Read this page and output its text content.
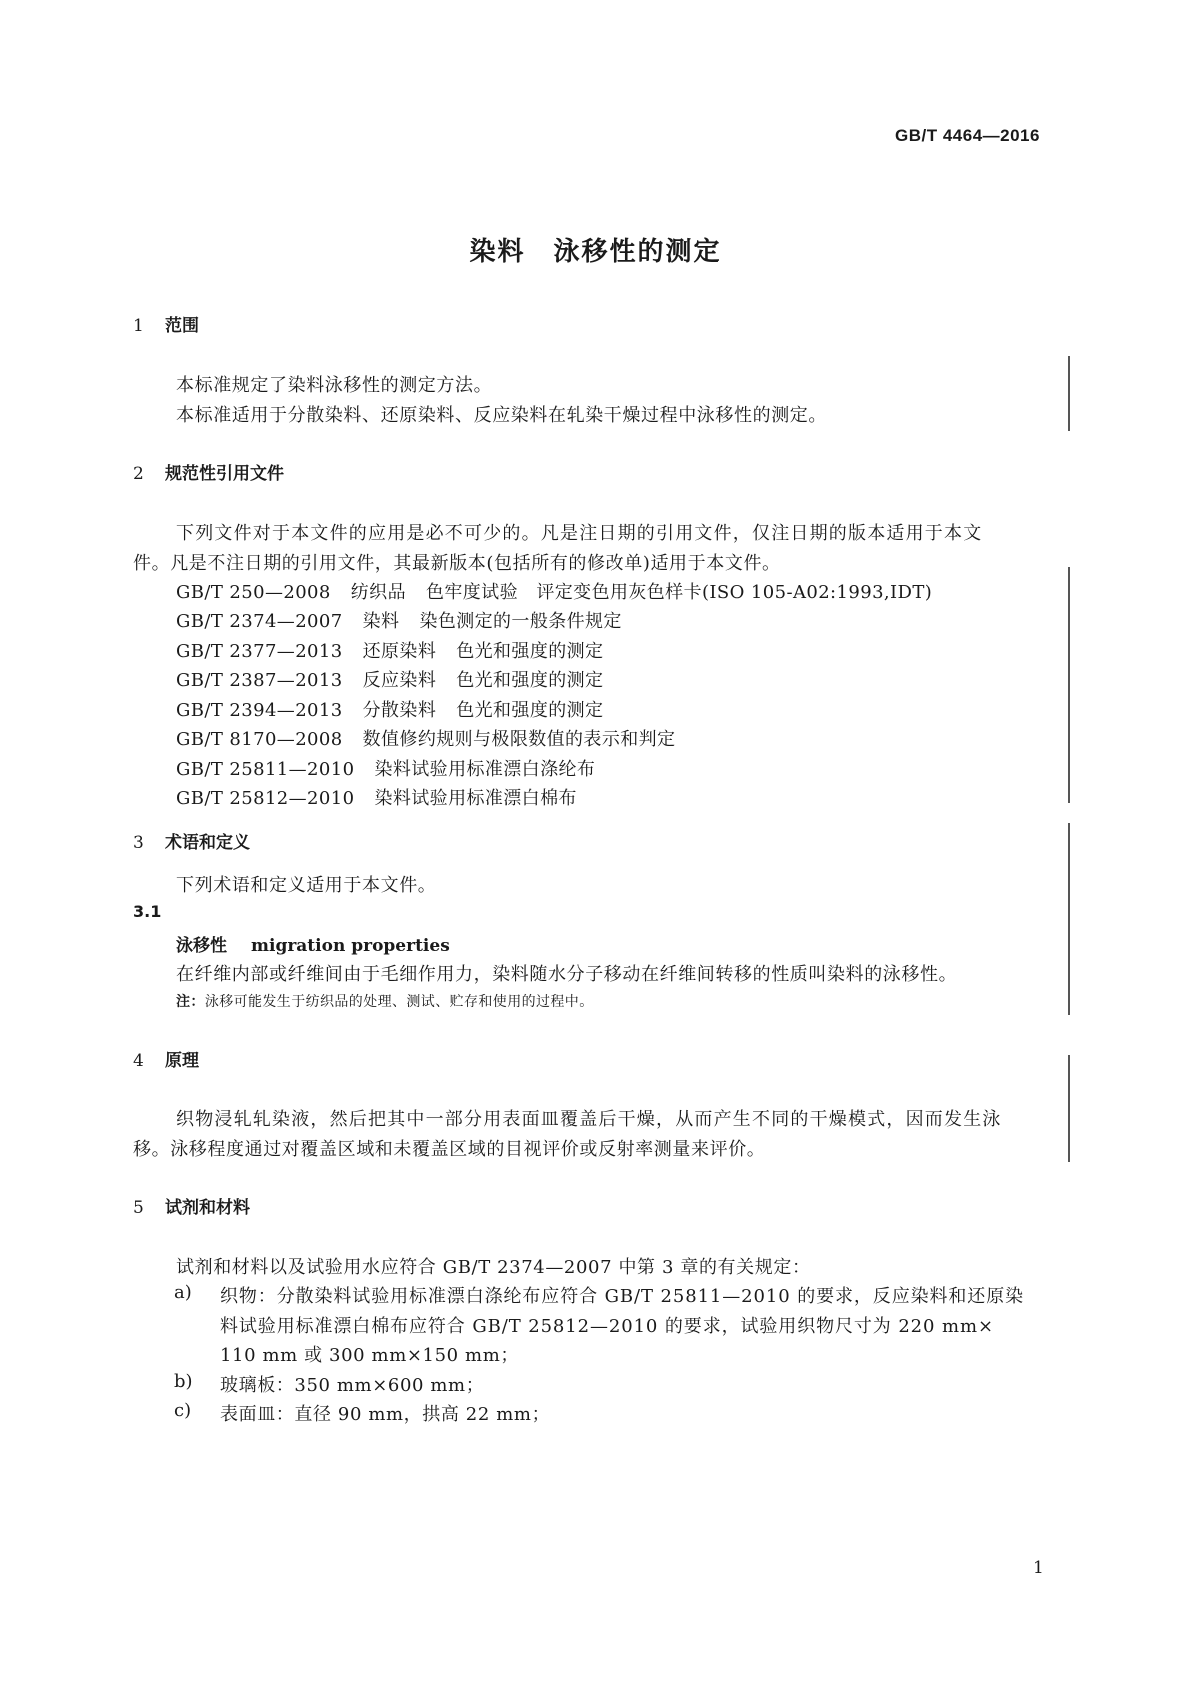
GB/T 4464—2016
染料 泳移性的测定
1 范围
本标准规定了染料泳移性的测定方法。
本标准适用于分散染料、还原染料、反应染料在轧染干燥过程中泳移性的测定。
2 规范性引用文件
下列文件对于本文件的应用是必不可少的。凡是注日期的引用文件，仅注日期的版本适用于本文
件。凡是不注日期的引用文件，其最新版本(包括所有的修改单)适用于本文件。
GB/T 250—2008 纺织品 色牢度试验　评定变色用灰色样卡(ISO 105-A02:1993,IDT)
GB/T 2374—2007 染料 染色测定的一般条件规定
GB/T 2377—2013 还原染料 色光和强度的测定
GB/T 2387—2013 反应染料 色光和强度的测定
GB/T 2394—2013 分散染料 色光和强度的测定
GB/T 8170—2008 数值修约规则与极限数值的表示和判定
GB/T 25811—2010 染料试验用标准漂白涤纶布
GB/T 25812—2010 染料试验用标准漂白棉布
3 术语和定义
下列术语和定义适用于本文件。
3.1
泳移性 migration properties
在纤维内部或纤维间由于毛细作用力，染料随水分子移动在纤维间转移的性质叫染料的泳移性。
注：泳移可能发生于纺织品的处理、测试、贮存和使用的过程中。
4 原理
织物浸轧轧染液，然后把其中一部分用表面皿覆盖后干燥，从而产生不同的干燥模式，因而发生泳
移。泳移程度通过对覆盖区域和未覆盖区域的目视评价或反射率测量来评价。
5 试剂和材料
试剂和材料以及试验用水应符合 GB/T 2374—2007 中第 3 章的有关规定：
a) 织物：分散染料试验用标准漂白涤纶布应符合 GB/T 25811—2010 的要求，反应染料和还原染
料试验用标准漂白棉布应符合 GB/T 25812—2010 的要求，试验用织物尺寸为 220 mm×
110 mm 或 300 mm×150 mm；
b) 玻璃板：350 mm×600 mm；
c) 表面皿：直径 90 mm，拱高 22 mm；
1
